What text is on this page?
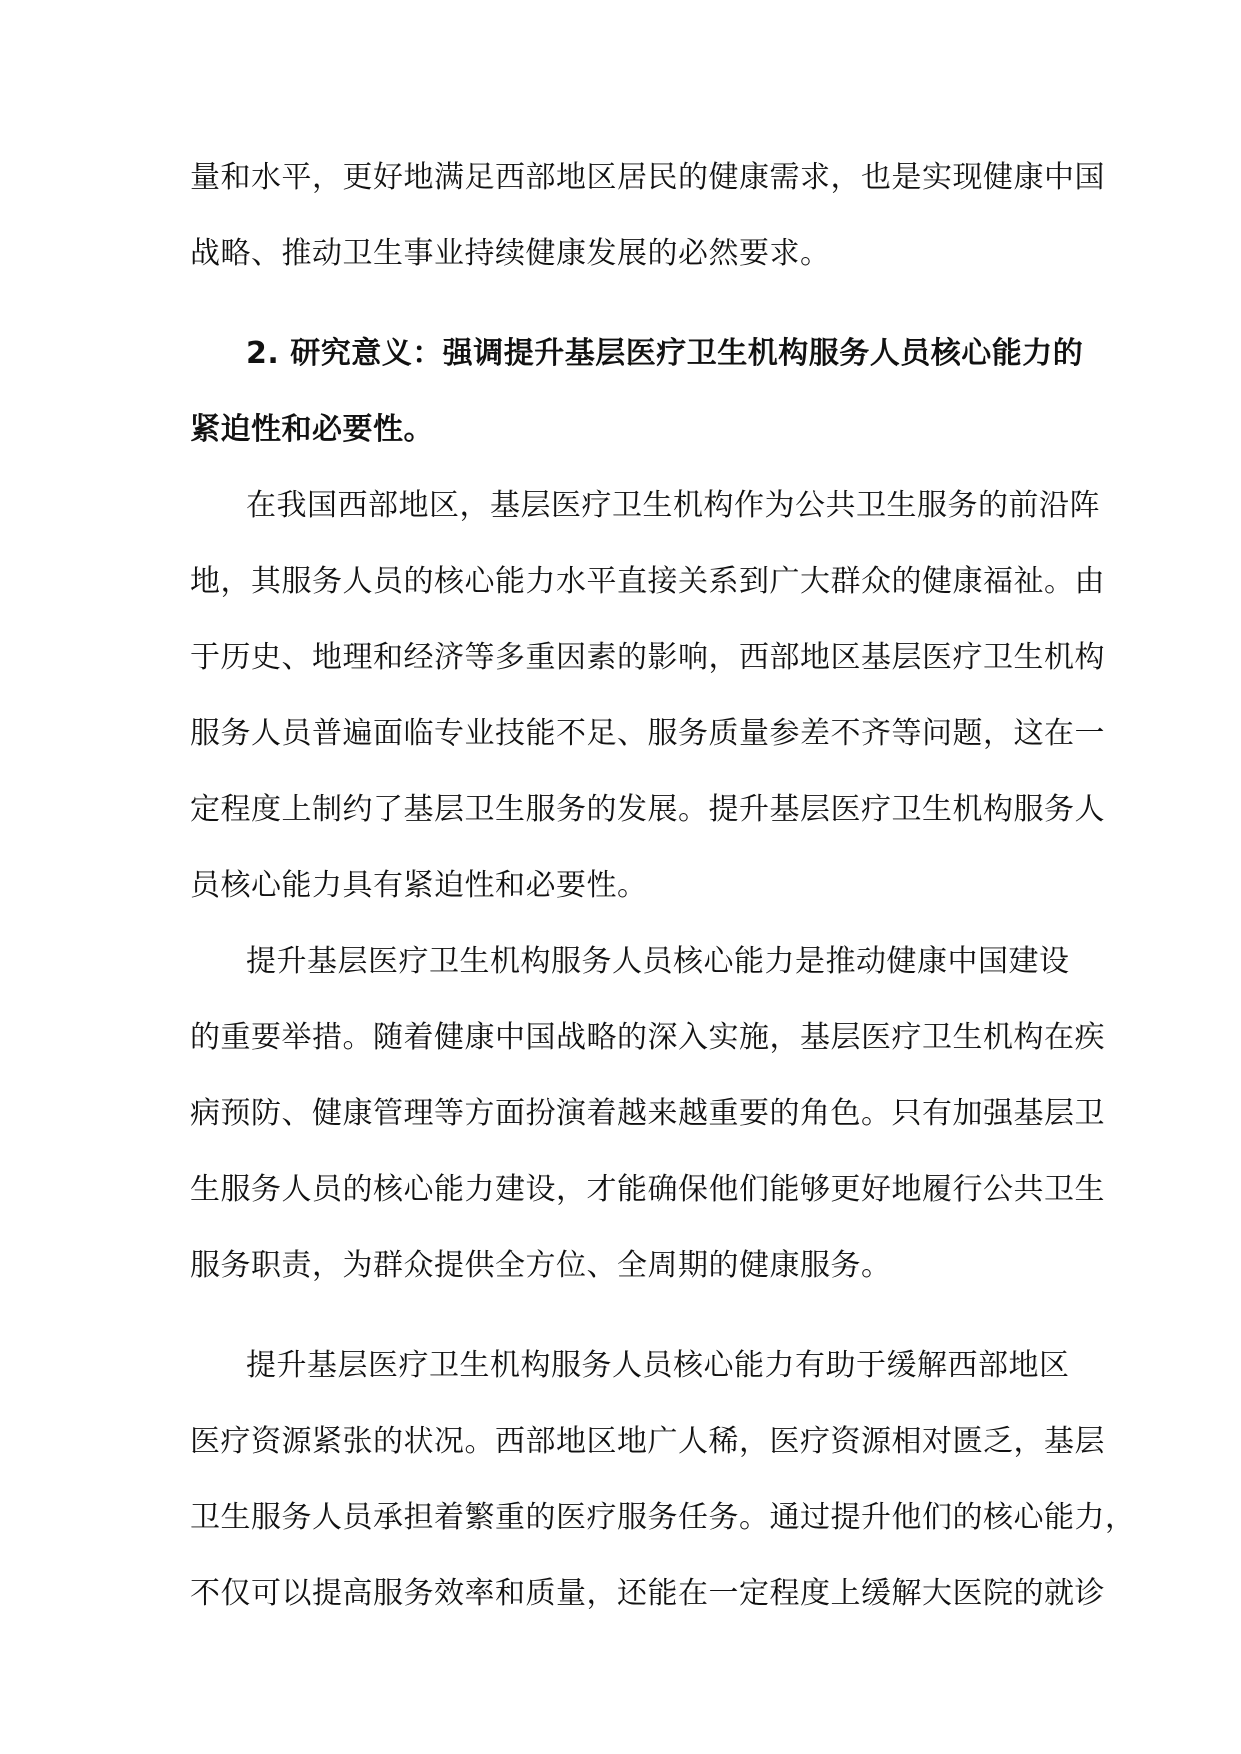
量和水平，更好地满足西部地区居民的健康需求，也是实现健康中国
战略、推动卫生事业持续健康发展的必然要求。
2. 研究意义：强调提升基层医疗卫生机构服务人员核心能力的
紧迫性和必要性。
在我国西部地区，基层医疗卫生机构作为公共卫生服务的前沿阵
地，其服务人员的核心能力水平直接关系到广大群众的健康福祉。由
于历史、地理和经济等多重因素的影响，西部地区基层医疗卫生机构
服务人员普遍面临专业技能不足、服务质量参差不齐等问题，这在一
定程度上制约了基层卫生服务的发展。提升基层医疗卫生机构服务人
员核心能力具有紧迫性和必要性。
提升基层医疗卫生机构服务人员核心能力是推动健康中国建设
的重要举措。随着健康中国战略的深入实施，基层医疗卫生机构在疾
病预防、健康管理等方面扮演着越来越重要的角色。只有加强基层卫
生服务人员的核心能力建设，才能确保他们能够更好地履行公共卫生
服务职责，为群众提供全方位、全周期的健康服务。
提升基层医疗卫生机构服务人员核心能力有助于缓解西部地区
医疗资源紧张的状况。西部地区地广人稀，医疗资源相对匮乏，基层
卫生服务人员承担着繁重的医疗服务任务。通过提升他们的核心能力，
不仅可以提高服务效率和质量，还能在一定程度上缓解大医院的就诊
